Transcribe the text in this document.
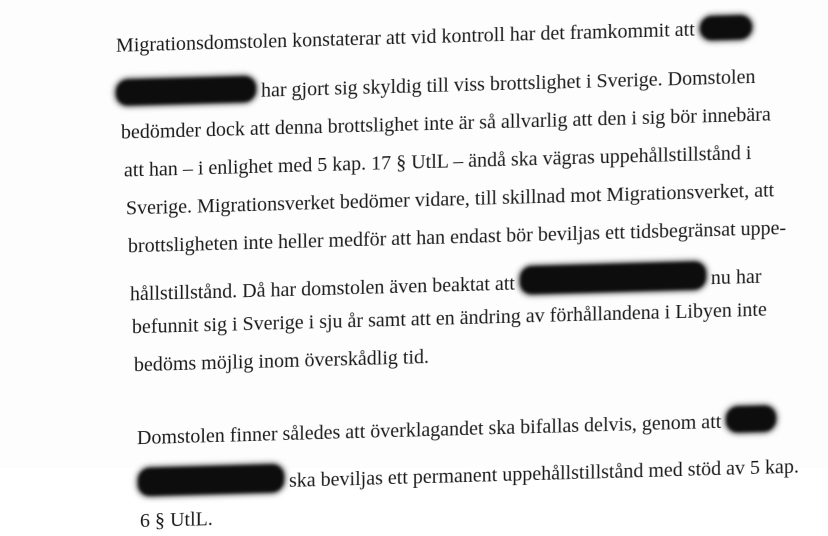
Migrationsdomstolen konstaterar att vid kontroll har det framkommit att
har gjort sig skyldig till viss brottslighet i Sverige. Domstolen
bedömder dock att denna brottslighet inte är så allvarlig att den i sig bör innebära
att han – i enlighet med 5 kap. 17 § UtlL – ändå ska vägras uppehållstillstånd i
Sverige. Migrationsverket bedömer vidare, till skillnad mot Migrationsverket, att
brottsligheten inte heller medför att han endast bör beviljas ett tidsbegränsat uppe-
hållstillstånd. Då har domstolen även beaktat att	nu har
befunnit sig i Sverige i sju år samt att en ändring av förhållandena i Libyen inte
bedöms möjlig inom överskådlig tid.
Domstolen finner således att överklagandet ska bifallas delvis, genom att
ska beviljas ett permanent uppehållstillstånd med stöd av 5 kap.
6 § UtlL.
